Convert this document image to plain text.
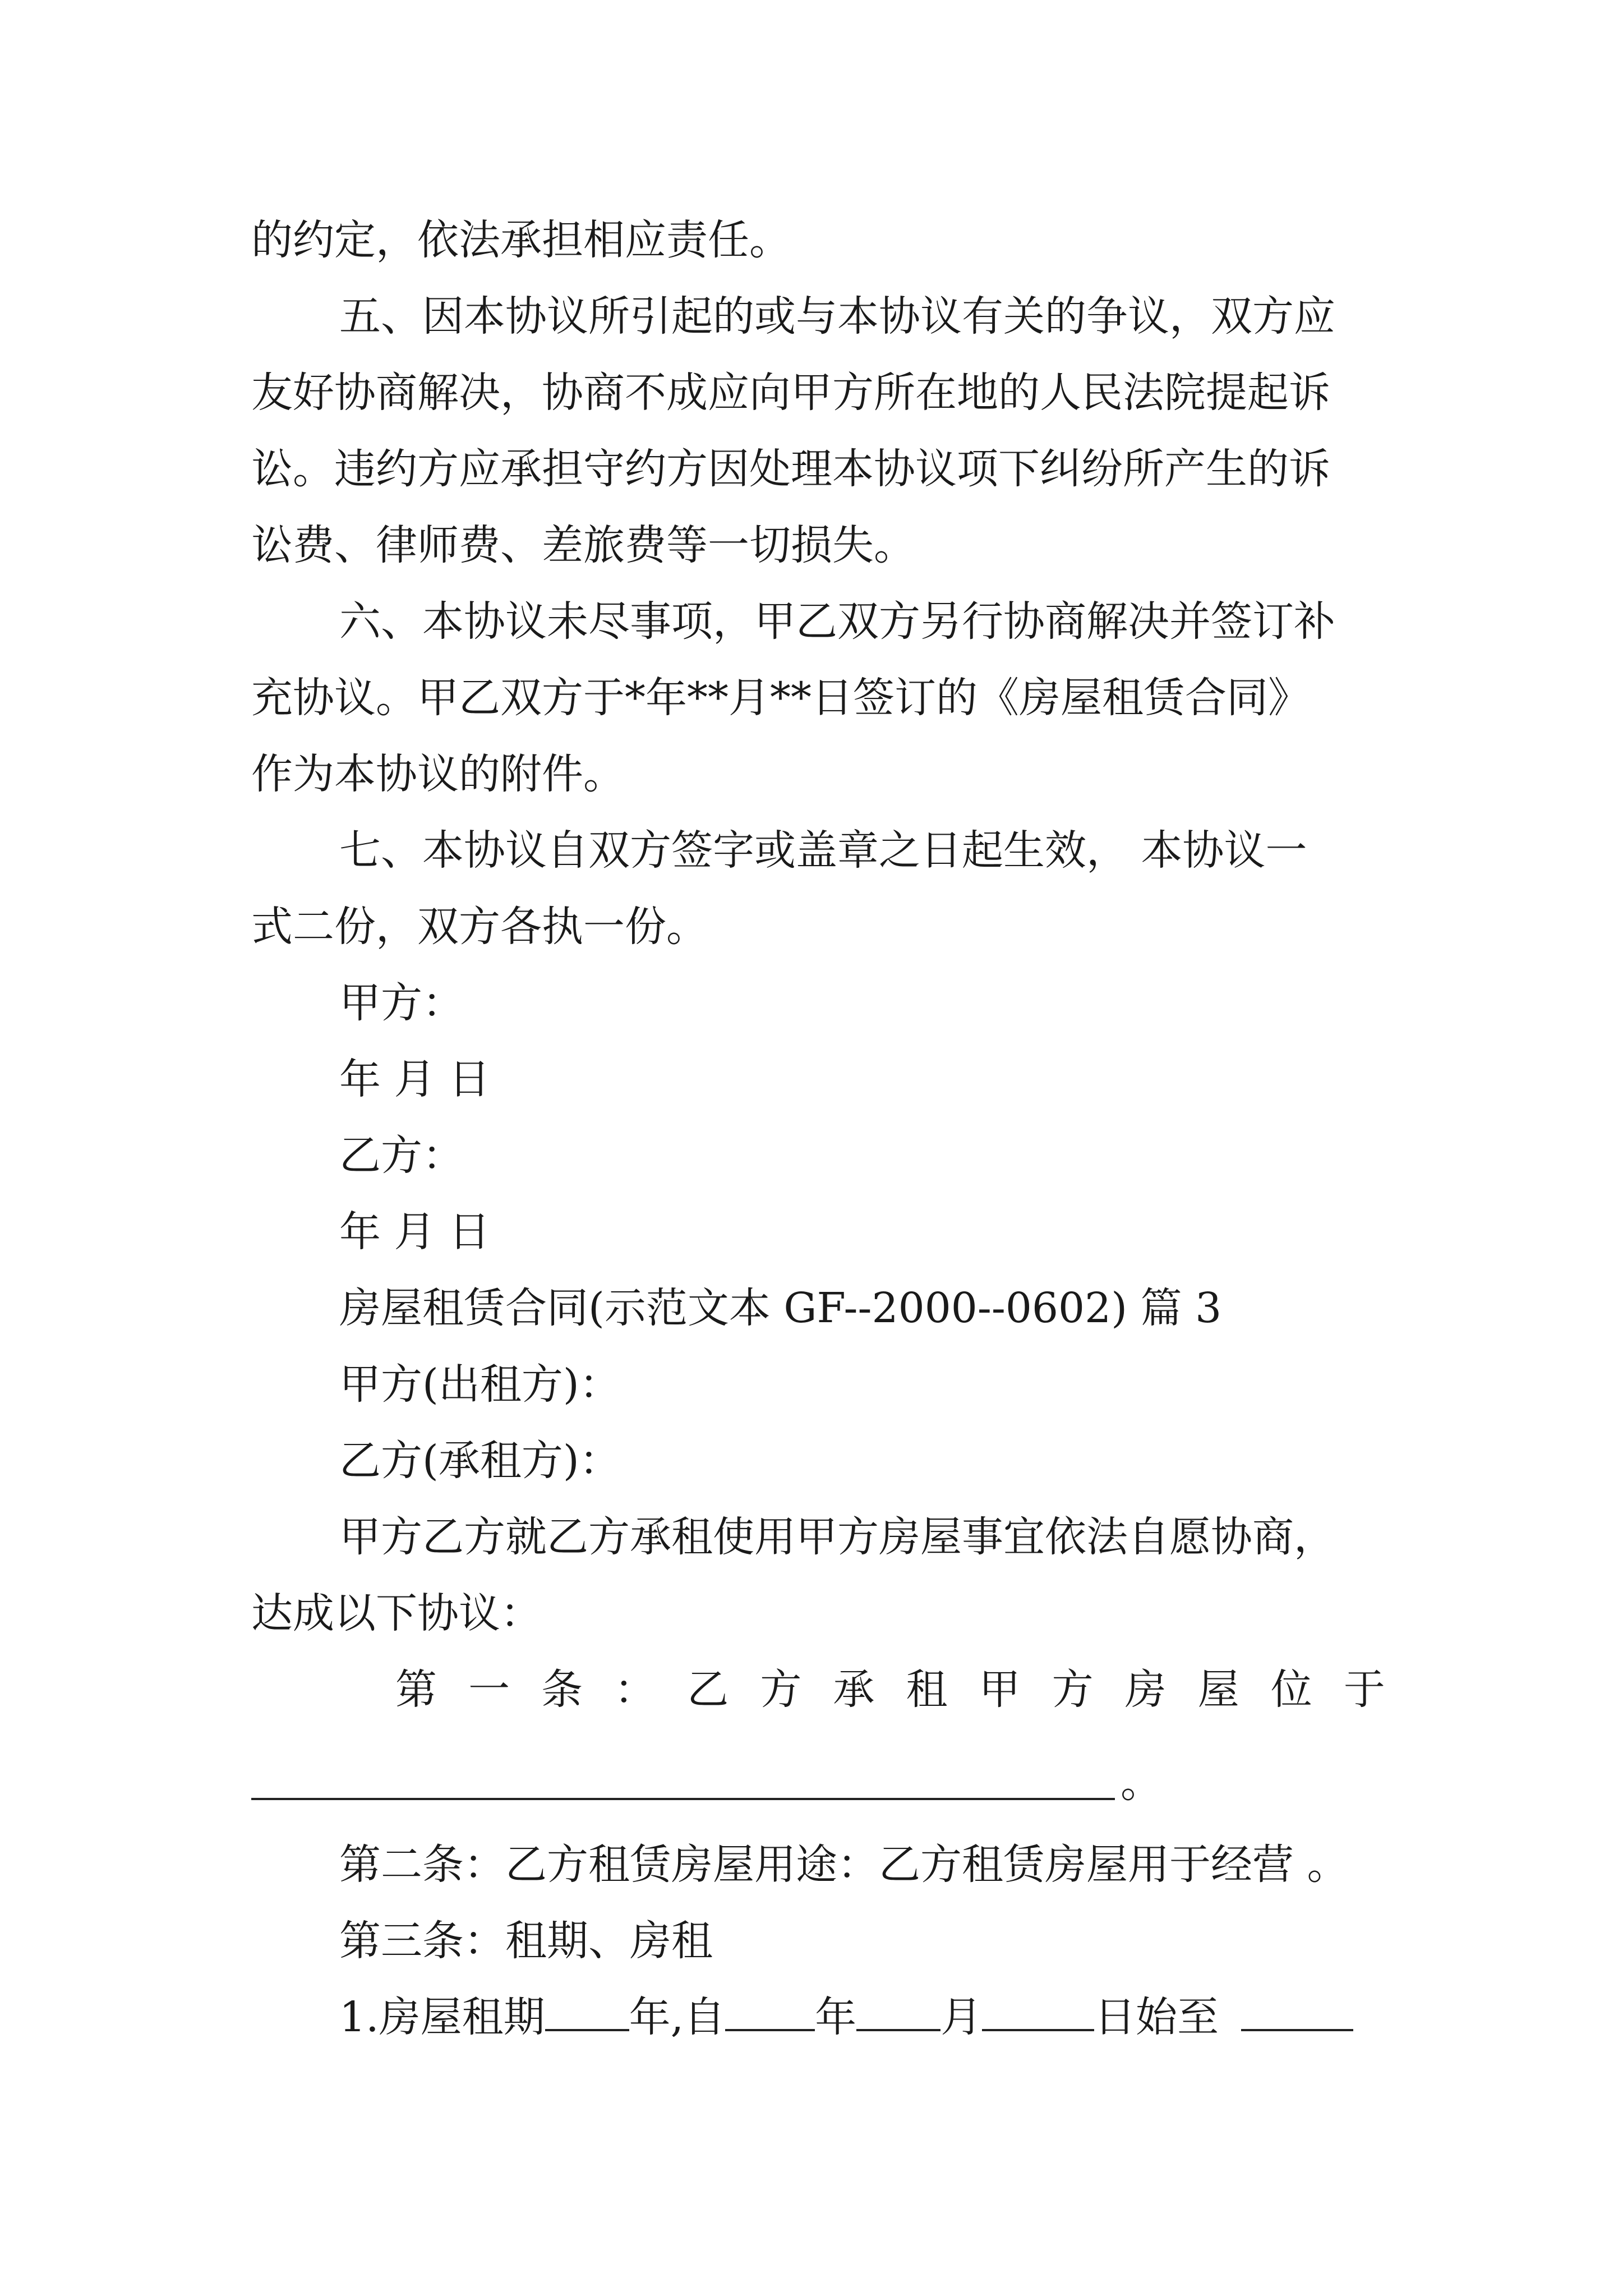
的约定，依法承担相应责任。
五、因本协议所引起的或与本协议有关的争议，双方应
友好协商解决，协商不成应向甲方所在地的人民法院提起诉
讼。违约方应承担守约方因处理本协议项下纠纷所产生的诉
讼费、律师费、差旅费等一切损失。
六、本协议未尽事项，甲乙双方另行协商解决并签订补
充协议。甲乙双方于*年**月**日签订的《房屋租赁合同》
作为本协议的附件。
七、本协议自双方签字或盖章之日起生效， 本协议一
式二份，双方各执一份。
甲方：
年 月 日
乙方：
年 月 日
房屋租赁合同(示范文本 GF--2000--0602) 篇 3
甲方(出租方)：
乙方(承租方)：
甲方乙方就乙方承租使用甲方房屋事宜依法自愿协商，
达成以下协议：
第 一 条 ： 乙 方 承 租 甲 方 房 屋 位 于
。
第二条：乙方租赁房屋用途：乙方租赁房屋用于经营 。
第三条：租期、房租
1.房屋租期 年,自 年 月	日始至
